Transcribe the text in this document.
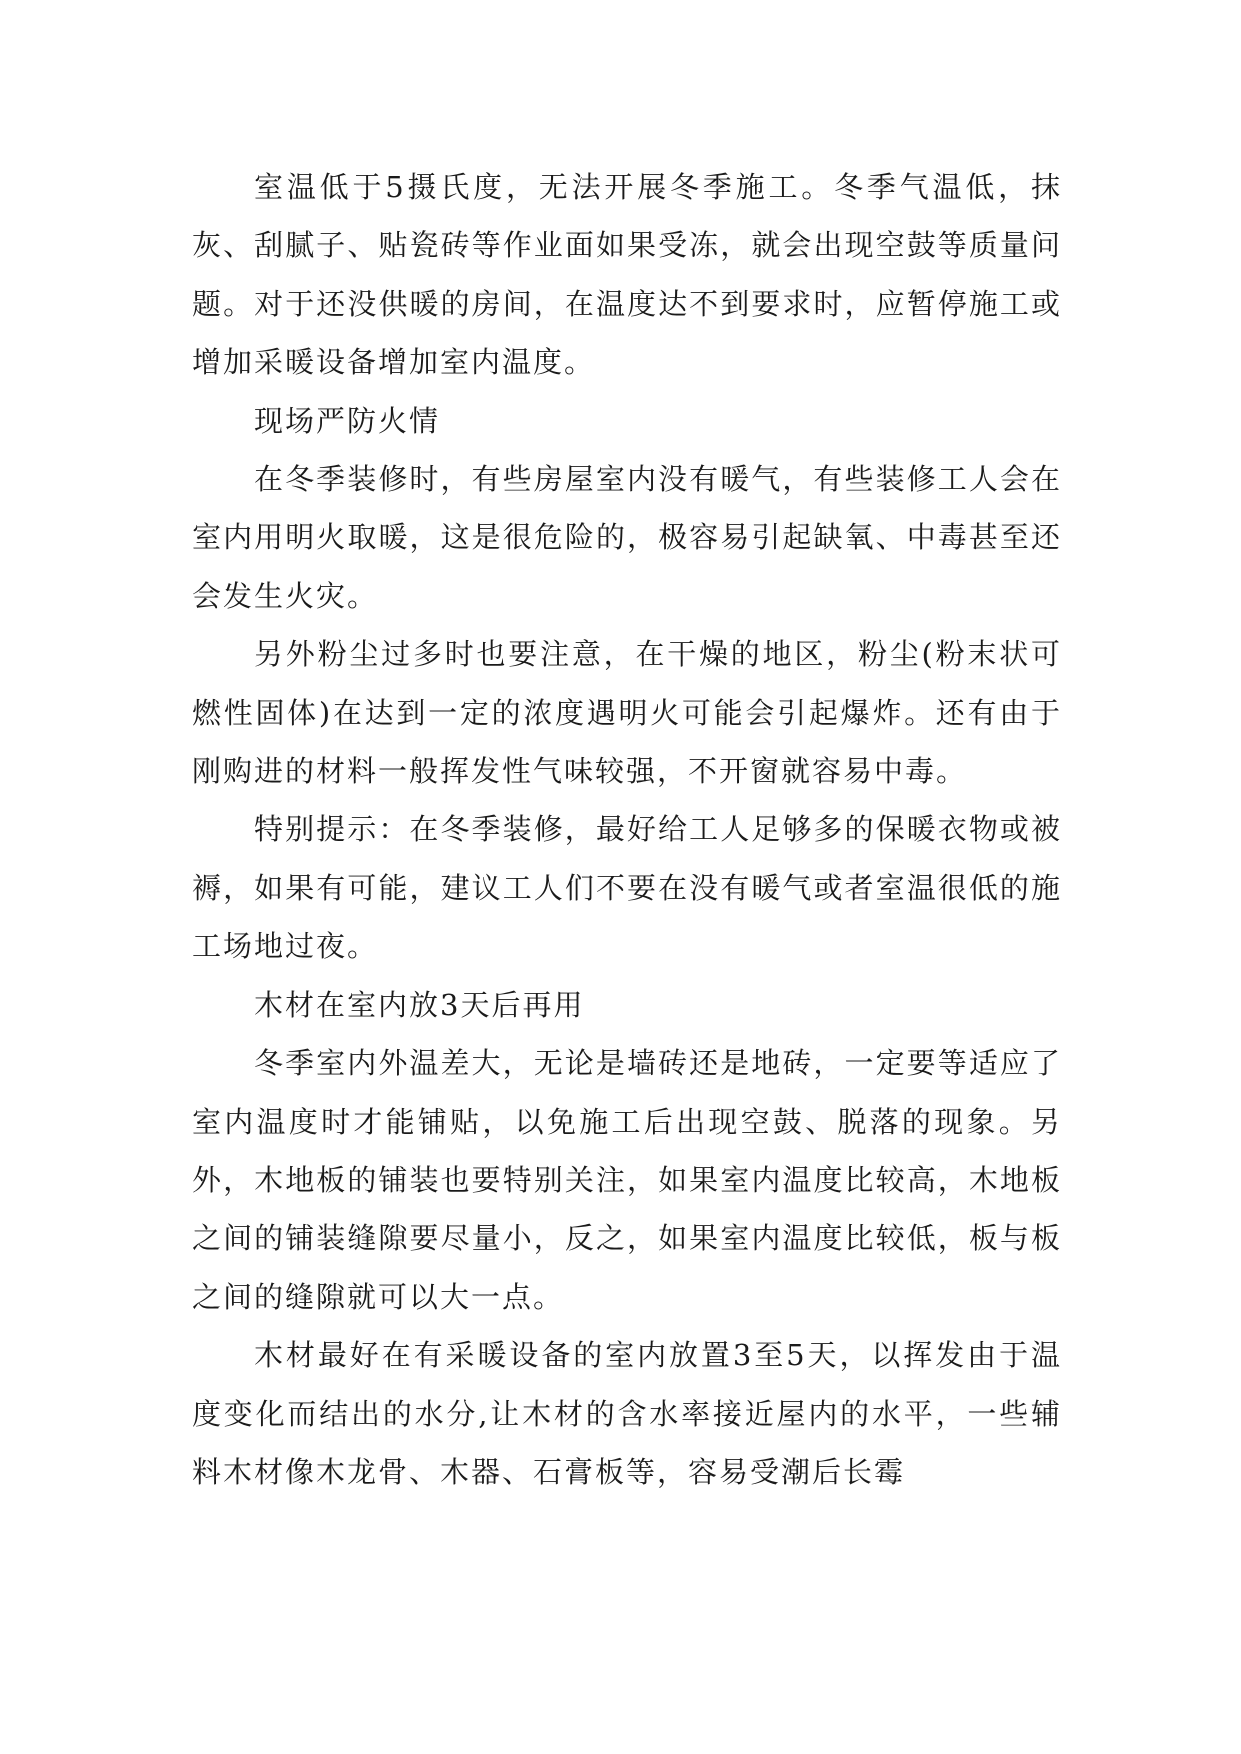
室温低于5摄氏度，无法开展冬季施工。冬季气温低，抹灰、刮腻子、贴瓷砖等作业面如果受冻，就会出现空鼓等质量问题。对于还没供暖的房间，在温度达不到要求时，应暂停施工或增加采暖设备增加室内温度。

现场严防火情

在冬季装修时，有些房屋室内没有暖气，有些装修工人会在室内用明火取暖，这是很危险的，极容易引起缺氧、中毒甚至还会发生火灾。

另外粉尘过多时也要注意，在干燥的地区，粉尘(粉末状可燃性固体)在达到一定的浓度遇明火可能会引起爆炸。还有由于刚购进的材料一般挥发性气味较强，不开窗就容易中毒。

特别提示：在冬季装修，最好给工人足够多的保暖衣物或被褥，如果有可能，建议工人们不要在没有暖气或者室温很低的施工场地过夜。

木材在室内放3天后再用

冬季室内外温差大，无论是墙砖还是地砖，一定要等适应了室内温度时才能铺贴，以免施工后出现空鼓、脱落的现象。另外，木地板的铺装也要特别关注，如果室内温度比较高，木地板之间的铺装缝隙要尽量小，反之，如果室内温度比较低，板与板之间的缝隙就可以大一点。

木材最好在有采暖设备的室内放置3至5天，以挥发由于温度变化而结出的水分,让木材的含水率接近屋内的水平，一些辅料木材像木龙骨、木器、石膏板等，容易受潮后长霉
